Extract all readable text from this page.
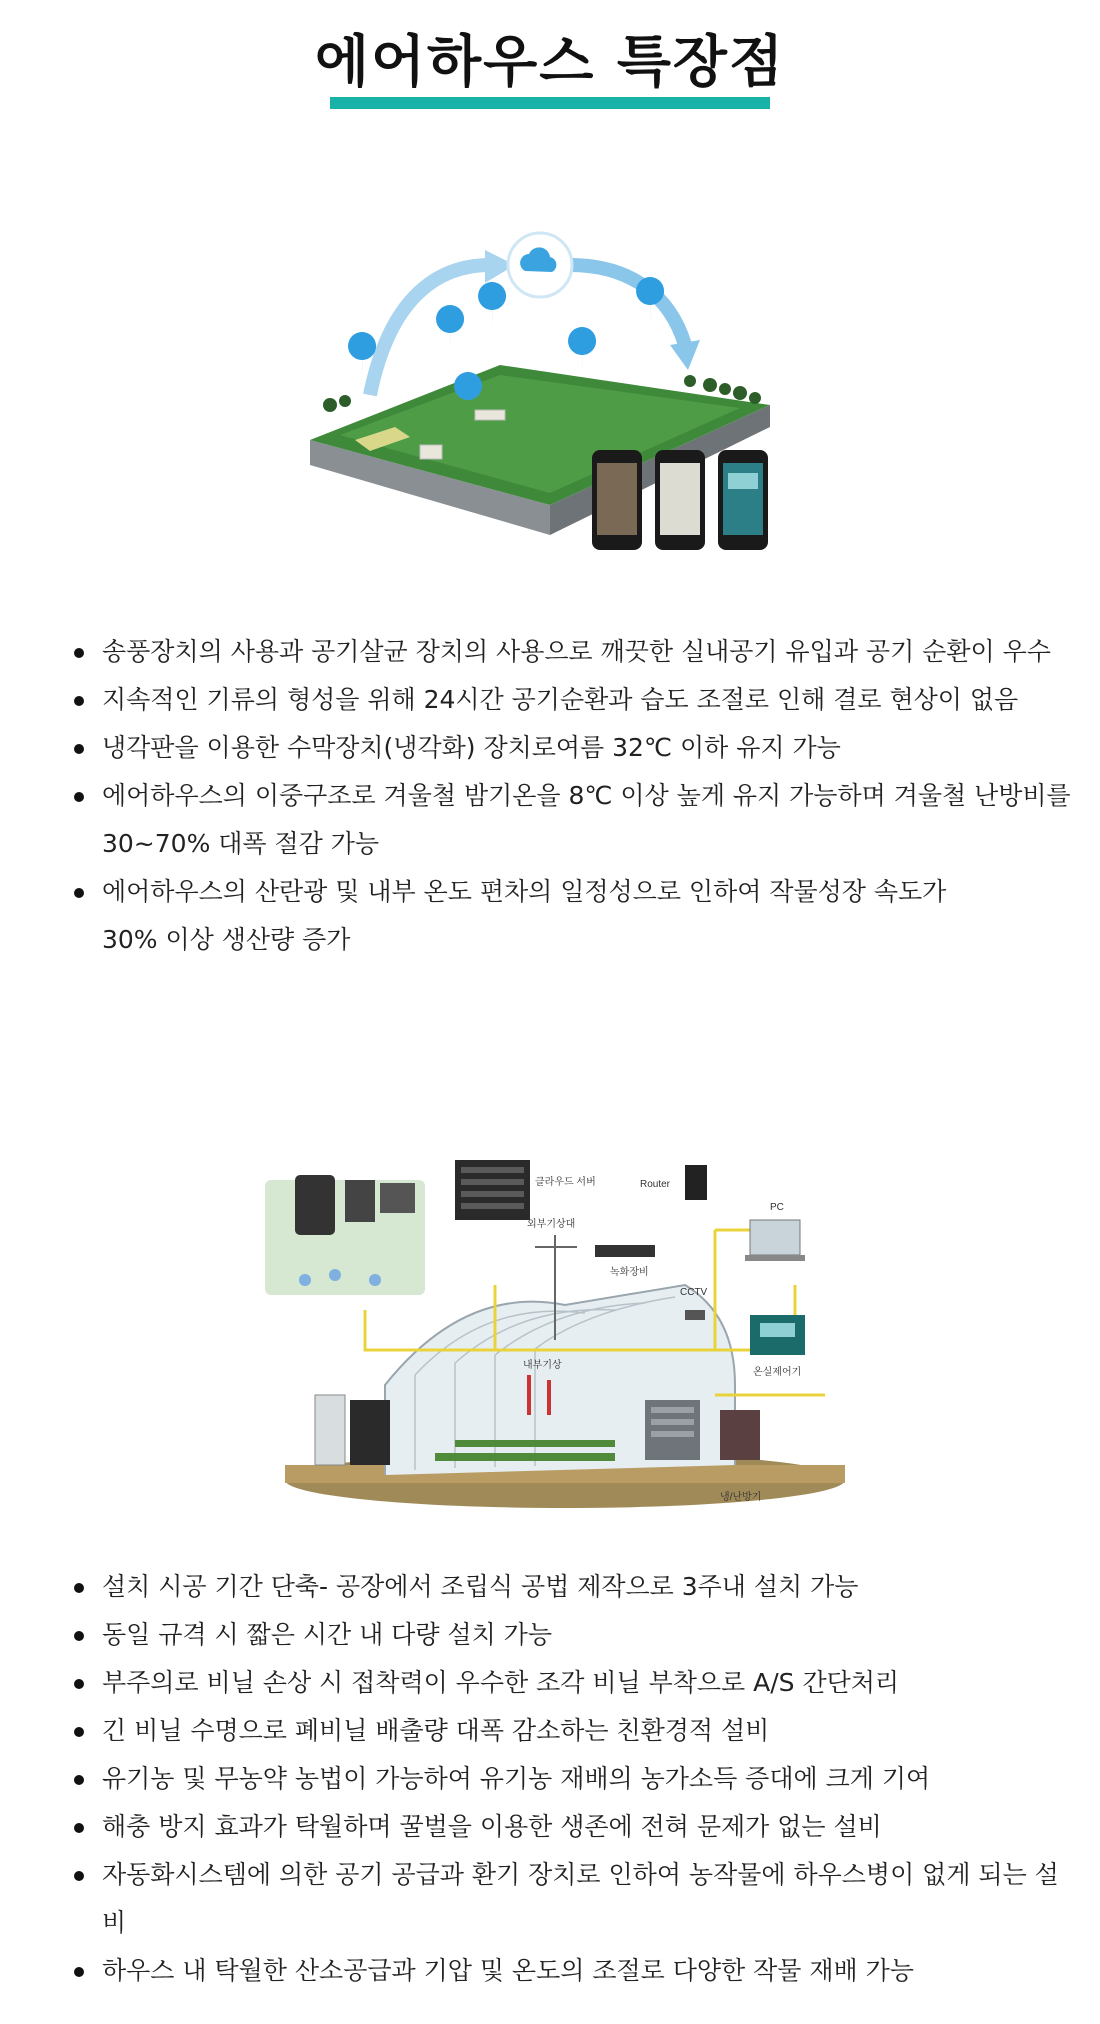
에어하우스 특장점
송풍장치의 사용과 공기살균 장치의 사용으로 깨끗한 실내공기 유입과 공기 순환이 우수
지속적인 기류의 형성을 위해 24시간 공기순환과 습도 조절로 인해 결로 현상이 없음
냉각판을 이용한 수막장치(냉각화) 장치로여름 32℃ 이하 유지 가능
에어하우스의 이중구조로 겨울철 밤기온을 8℃ 이상 높게 유지 가능하며 겨울철 난방비를
30~70% 대폭 절감 가능
에어하우스의 산란광 및 내부 온도 편차의 일정성으로 인하여 작물성장 속도가
30% 이상 생산량 증가
클라우드 서버	Router
PC
녹화장비
CCTV
외부기상대
온실제어기
내부기상
냉/난방기
설치 시공 기간 단축- 공장에서 조립식 공법 제작으로 3주내 설치 가능
동일 규격 시 짧은 시간 내 다량 설치 가능
부주의로 비닐 손상 시 접착력이 우수한 조각 비닐 부착으로 A/S 간단처리
긴 비닐 수명으로 폐비닐 배출량 대폭 감소하는 친환경적 설비
유기농 및 무농약 농법이 가능하여 유기농 재배의 농가소득 증대에 크게 기여
해충 방지 효과가 탁월하며 꿀벌을 이용한 생존에 전혀 문제가 없는 설비
자동화시스템에 의한 공기 공급과 환기 장치로 인하여 농작물에 하우스병이 없게 되는 설비
하우스 내 탁월한 산소공급과 기압 및 온도의 조절로 다양한 작물 재배 가능
